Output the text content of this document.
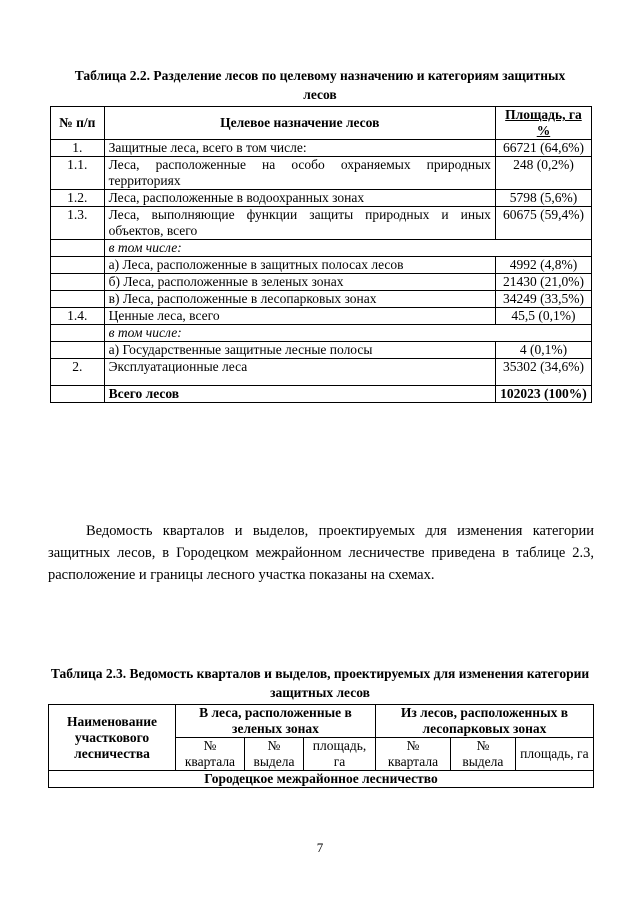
Таблица 2.2. Разделение лесов по целевому назначению и категориям защитных лесов
№ п/п	Целевое назначение лесов	Площадь, га %
1.	Защитные леса, всего в том числе:	66721 (64,6%)
1.1.	Леса, расположенные на особо охраняемых природных территориях	248 (0,2%)
1.2.	Леса, расположенные в водоохранных зонах	5798 (5,6%)
1.3.	Леса, выполняющие функции защиты природных и иных объектов, всего	60675 (59,4%)
	в том числе:	
	а) Леса, расположенные в защитных полосах лесов	4992 (4,8%)
	б) Леса, расположенные в зеленых зонах	21430 (21,0%)
	в) Леса, расположенные в лесопарковых зонах	34249 (33,5%)
1.4.	Ценные леса, всего	45,5 (0,1%)
	в том числе:	
	а) Государственные защитные лесные полосы	4 (0,1%)
2.	Эксплуатационные леса	35302 (34,6%)
	Всего лесов	102023 (100%)
Ведомость кварталов и выделов, проектируемых для изменения категории защитных лесов, в Городецком межрайонном лесничестве приведена в таблице 2.3, расположение и границы лесного участка показаны на схемах.
Таблица 2.3. Ведомость кварталов и выделов, проектируемых для изменения категории защитных лесов
Наименование участкового лесничества	В леса, расположенные в зеленых зонах			Из лесов, расположенных в лесопарковых зонах		
	№ квартала	№ выдела	площадь, га	№ квартала	№ выдела	площадь, га
Городецкое межрайонное лесничество						
7
